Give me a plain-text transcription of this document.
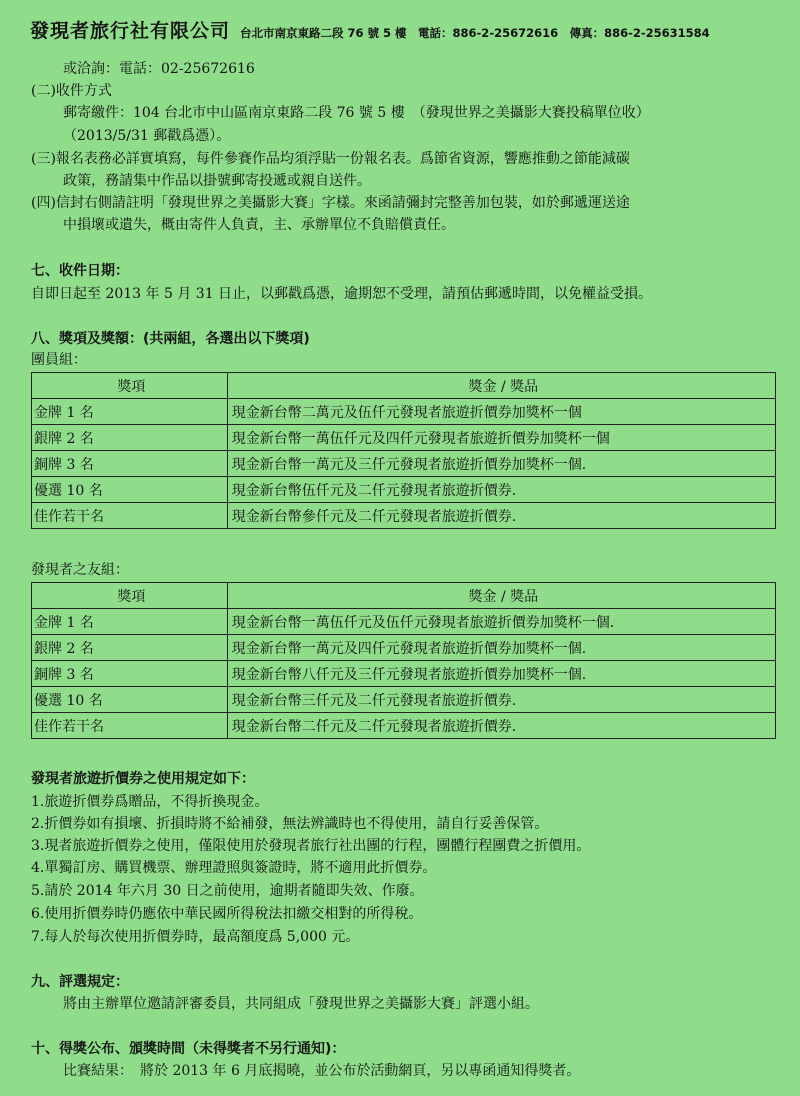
發現者旅行社有限公司 台北市南京東路二段 76 號 5 樓　電話：886-2-25672616　傳真：886-2-25631584
或洽詢：電話：02-25672616
(二)收件方式
郵寄繳件：104 台北市中山區南京東路二段 76 號 5 樓　（發現世界之美攝影大賽投稿單位收）
（2013/5/31 郵戳爲憑）。
(三)報名表務必詳實填寫，每件參賽作品均須浮貼一份報名表。爲節省資源，響應推動之節能減碳
政策，務請集中作品以掛號郵寄投遞或親自送件。
(四)信封右側請註明「發現世界之美攝影大賽」字樣。來函請彌封完整善加包裝，如於郵遞運送途
中損壞或遺失，概由寄件人負責，主、承辦單位不負賠償責任。
七、收件日期：
自即日起至 2013 年 5 月 31 日止，以郵戳爲憑，逾期恕不受理，請預估郵遞時間，以免權益受損。
八、獎項及獎額：(共兩組，各選出以下獎項)
團員組：
獎項	獎金 / 獎品
金牌 1 名	現金新台幣二萬元及伍仟元發現者旅遊折價券加獎杯一個
銀牌 2 名	現金新台幣一萬伍仟元及四仟元發現者旅遊折價券加獎杯一個
銅牌 3 名	現金新台幣一萬元及三仟元發現者旅遊折價券加獎杯一個.
優選 10 名	現金新台幣伍仟元及二仟元發現者旅遊折價券.
佳作若干名	現金新台幣參仟元及二仟元發現者旅遊折價券.
發現者之友組：
獎項	獎金 / 獎品
金牌 1 名	現金新台幣一萬伍仟元及伍仟元發現者旅遊折價券加獎杯一個.
銀牌 2 名	現金新台幣一萬元及四仟元發現者旅遊折價券加獎杯一個.
銅牌 3 名	現金新台幣八仟元及三仟元發現者旅遊折價券加獎杯一個.
優選 10 名	現金新台幣三仟元及二仟元發現者旅遊折價券.
佳作若干名	現金新台幣二仟元及二仟元發現者旅遊折價券.
發現者旅遊折價券之使用規定如下：
1.旅遊折價券爲贈品，不得折換現金。
2.折價券如有損壞、折損時將不給補發，無法辨識時也不得使用，請自行妥善保管。
3.現者旅遊折價券之使用，僅限使用於發現者旅行社出團的行程，團體行程團費之折價用。
4.單獨訂房、購買機票、辦理證照與簽證時，將不適用此折價券。
5.請於 2014 年六月 30 日之前使用，逾期者隨即失效、作廢。
6.使用折價券時仍應依中華民國所得稅法扣繳交相對的所得稅。
7.每人於每次使用折價券時，最高額度爲 5,000 元。
九、評選規定：
將由主辦單位邀請評審委員，共同組成「發現世界之美攝影大賽」評選小組。
十、得獎公布、頒獎時間（未得獎者不另行通知)：
比賽結果：　將於 2013 年 6 月底揭曉，並公布於活動網頁，另以專函通知得獎者。
